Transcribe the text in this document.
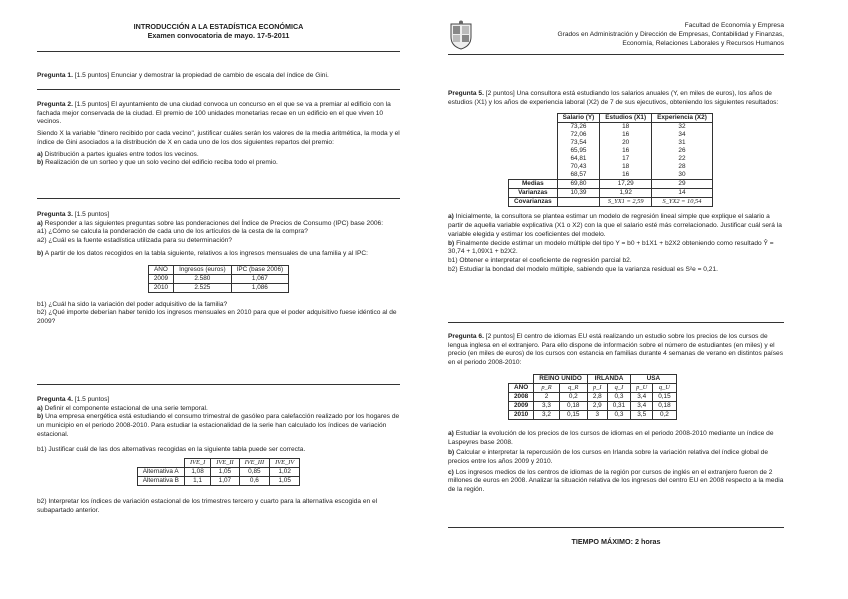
INTRODUCCIÓN A LA ESTADÍSTICA ECONÓMICA
Examen convocatoria de mayo. 17-5-2011

Pregunta 1. [1.5 puntos] Enunciar y demostrar la propiedad de cambio de escala del índice de Gini.

Pregunta 2. [1.5 puntos] El ayuntamiento de una ciudad convoca un concurso en el que se va a premiar al edificio con la fachada mejor conservada de la ciudad. El premio de 100 unidades monetarias recae en un edificio en el que viven 10 vecinos.

Siendo X la variable "dinero recibido por cada vecino", justificar cuáles serán los valores de la media aritmética, la moda y el índice de Gini asociados a la distribución de X en cada uno de los dos siguientes repartos del premio:

a) Distribución a partes iguales entre todos los vecinos.

b) Realización de un sorteo y que un solo vecino del edificio reciba todo el premio.

Pregunta 3. [1.5 puntos]

a) Responder a las siguientes preguntas sobre las ponderaciones del Índice de Precios de Consumo (IPC) base 2006:

a1) ¿Cómo se calcula la ponderación de cada uno de los artículos de la cesta de la compra?

a2) ¿Cuál es la fuente estadística utilizada para su determinación?

b) A partir de los datos recogidos en la tabla siguiente, relativos a los ingresos mensuales de una familia y al IPC:

AÑO	Ingresos (euros)	IPC (base 2006)
2009	2.580	1,067
2010	2.525	1,086

b1) ¿Cuál ha sido la variación del poder adquisitivo de la familia?

b2) ¿Qué importe deberían haber tenido los ingresos mensuales en 2010 para que el poder adquisitivo fuese idéntico al de 2009?

Pregunta 4. [1.5 puntos]

a) Definir el componente estacional de una serie temporal.

b) Una empresa energética está estudiando el consumo trimestral de gasóleo para calefacción realizado por los hogares de un municipio en el periodo 2008-2010. Para estudiar la estacionalidad de la serie han calculado los índices de variación estacional.

b1) Justificar cuál de las dos alternativas recogidas en la siguiente tabla puede ser correcta.

	IVE_I	IVE_II	IVE_III	IVE_IV
Alternativa A	1,08	1,05	0,85	1,02
Alternativa B	1,1	1,07	0,6	1,05

b2) Interpretar los índices de variación estacional de los trimestres tercero y cuarto para la alternativa escogida en el subapartado anterior.

Facultad de Economía y Empresa
Grados en Administración y Dirección de Empresas, Contabilidad y Finanzas,
Economía, Relaciones Laborales y Recursos Humanos

Pregunta 5. [2 puntos] Una consultora está estudiando los salarios anuales (Y, en miles de euros), los años de estudios (X1) y los años de experiencia laboral (X2) de 7 de sus ejecutivos, obteniendo los siguientes resultados:

	Salario (Y)	Estudios (X1)	Experiencia (X2)
	73,26	18	32
	72,06	16	34
	73,54	20	31
	65,95	16	26
	64,81	17	22
	70,43	18	28
	68,57	16	30
Medias	69,80	17,29	29
Varianzas	10,39	1,92	14
Covarianzas		S_YX1 = 2,59	S_YX2 = 10,54

a) Inicialmente, la consultora se plantea estimar un modelo de regresión lineal simple que explique el salario a partir de aquella variable explicativa (X1 o X2) con la que el salario esté más correlacionado. Justificar cuál será la variable elegida y estimar los coeficientes del modelo.

b) Finalmente decide estimar un modelo múltiple del tipo Y = b0 + b1X1 + b2X2 obteniendo como resultado Ŷ = 30,74 + 1,09X1 + b2X2.

b1) Obtener e interpretar el coeficiente de regresión parcial b2.

b2) Estudiar la bondad del modelo múltiple, sabiendo que la varianza residual es S²e = 0,21.

Pregunta 6. [2 puntos] El centro de idiomas EU está realizando un estudio sobre los precios de los cursos de lengua inglesa en el extranjero. Para ello dispone de información sobre el número de estudiantes (en miles) y el precio (en miles de euros) de los cursos con estancia en familias durante 4 semanas de verano en distintos países en el periodo 2008-2010:

	REINO UNIDO		IRLANDA		USA	
AÑO	p_R	q_R	p_I	q_I	p_U	q_U
2008	2	0,2	2,8	0,3	3,4	0,15
2009	3,3	0,18	2,9	0,31	3,4	0,18
2010	3,2	0,15	3	0,3	3,5	0,2

a) Estudiar la evolución de los precios de los cursos de idiomas en el periodo 2008-2010 mediante un índice de Laspeyres base 2008.

b) Calcular e interpretar la repercusión de los cursos en Irlanda sobre la variación relativa del índice global de precios entre los años 2009 y 2010.

c) Los ingresos medios de los centros de idiomas de la región por cursos de inglés en el extranjero fueron de 2 millones de euros en 2008. Analizar la situación relativa de los ingresos del centro EU en 2008 respecto a la media de la región.

TIEMPO MÁXIMO: 2 horas
